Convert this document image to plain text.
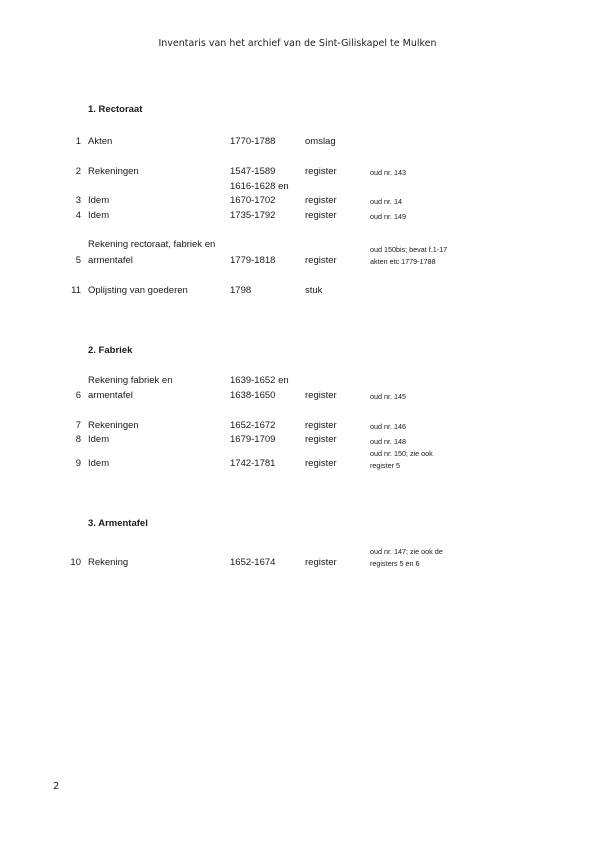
Inventaris van het archief van de Sint-Giliskapel te Mulken
1. Rectoraat
1 Akten	1770-1788	omslag
2 Rekeningen	1547-1589	register	oud nr. 143
1616-1628 en
3 Idem	1670-1702	register	oud nr. 14
4 Idem	1735-1792	register	oud nr. 149
Rekening rectoraat, fabriek en	oud 150bis; bevat f.1-17
5 armentafel	1779-1818	register	akten etc 1779-1788
11 Oplijsting van goederen	1798	stuk
2. Fabriek
Rekening fabriek en	1639-1652 en
6 armentafel	1638-1650	register	oud nr. 145
7 Rekeningen	1652-1672	register	oud nr. 146
8 Idem	1679-1709	register	oud nr. 148
oud nr. 150; zie ook
9 Idem	1742-1781	register	register 5
3. Armentafel
oud nr. 147; zie ook de
10 Rekening	1652-1674	register	registers 5 en 6
2
